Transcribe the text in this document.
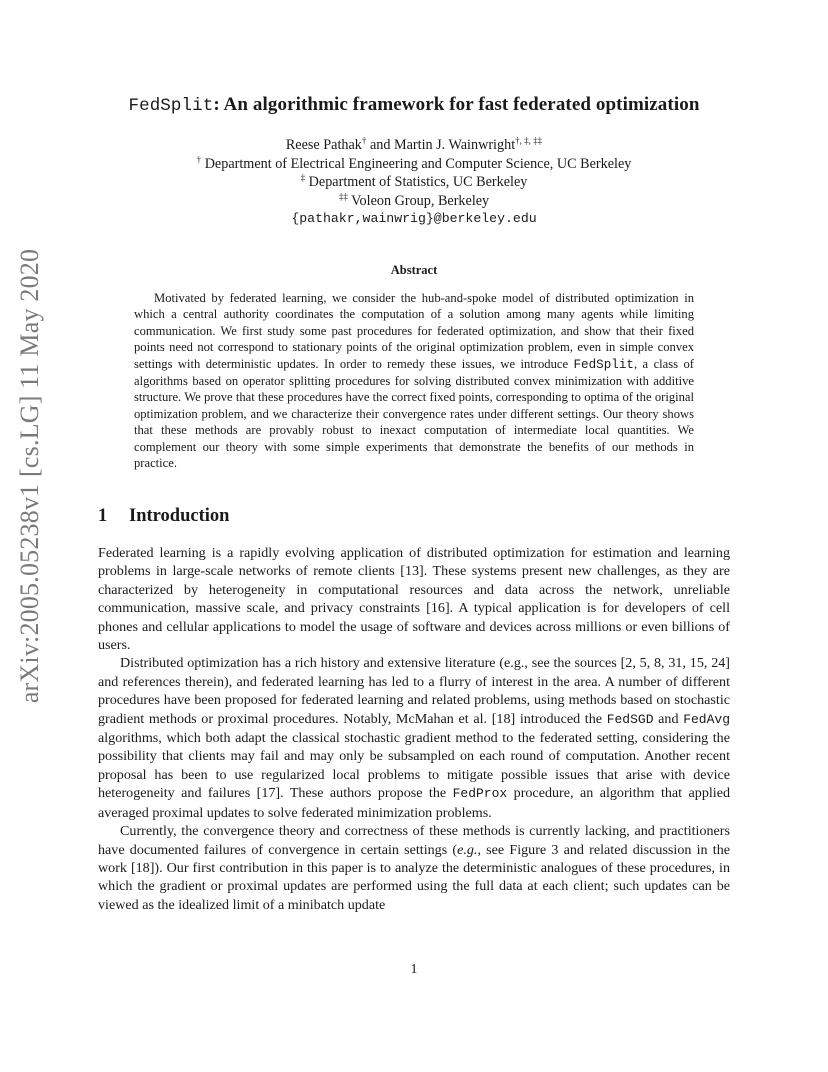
arXiv:2005.05238v1 [cs.LG] 11 May 2020
FedSplit: An algorithmic framework for fast federated optimization
Reese Pathak† and Martin J. Wainwright†, ‡, ‡‡
† Department of Electrical Engineering and Computer Science, UC Berkeley
‡ Department of Statistics, UC Berkeley
‡‡ Voleon Group, Berkeley
{pathakr,wainwrig}@berkeley.edu
Abstract
Motivated by federated learning, we consider the hub-and-spoke model of distributed optimization in which a central authority coordinates the computation of a solution among many agents while limiting communication. We first study some past procedures for federated optimization, and show that their fixed points need not correspond to stationary points of the original optimization problem, even in simple convex settings with deterministic updates. In order to remedy these issues, we introduce FedSplit, a class of algorithms based on operator splitting procedures for solving distributed convex minimization with additive structure. We prove that these procedures have the correct fixed points, corresponding to optima of the original optimization problem, and we characterize their convergence rates under different settings. Our theory shows that these methods are provably robust to inexact computation of intermediate local quantities. We complement our theory with some simple experiments that demonstrate the benefits of our methods in practice.
1 Introduction

Federated learning is a rapidly evolving application of distributed optimization for estimation and learning problems in large-scale networks of remote clients [13]. These systems present new challenges, as they are characterized by heterogeneity in computational resources and data across the network, unreliable communication, massive scale, and privacy constraints [16]. A typical application is for developers of cell phones and cellular applications to model the usage of software and devices across millions or even billions of users.

Distributed optimization has a rich history and extensive literature (e.g., see the sources [2, 5, 8, 31, 15, 24] and references therein), and federated learning has led to a flurry of interest in the area. A number of different procedures have been proposed for federated learning and related problems, using methods based on stochastic gradient methods or proximal procedures. Notably, McMahan et al. [18] introduced the FedSGD and FedAvg algorithms, which both adapt the classical stochastic gradient method to the federated setting, considering the possibility that clients may fail and may only be subsampled on each round of computation. Another recent proposal has been to use regularized local problems to mitigate possible issues that arise with device heterogeneity and failures [17]. These authors propose the FedProx procedure, an algorithm that applied averaged proximal updates to solve federated minimization problems.

Currently, the convergence theory and correctness of these methods is currently lacking, and practitioners have documented failures of convergence in certain settings (e.g., see Figure 3 and related discussion in the work [18]). Our first contribution in this paper is to analyze the deterministic analogues of these procedures, in which the gradient or proximal updates are performed using the full data at each client; such updates can be viewed as the idealized limit of a minibatch update

1
